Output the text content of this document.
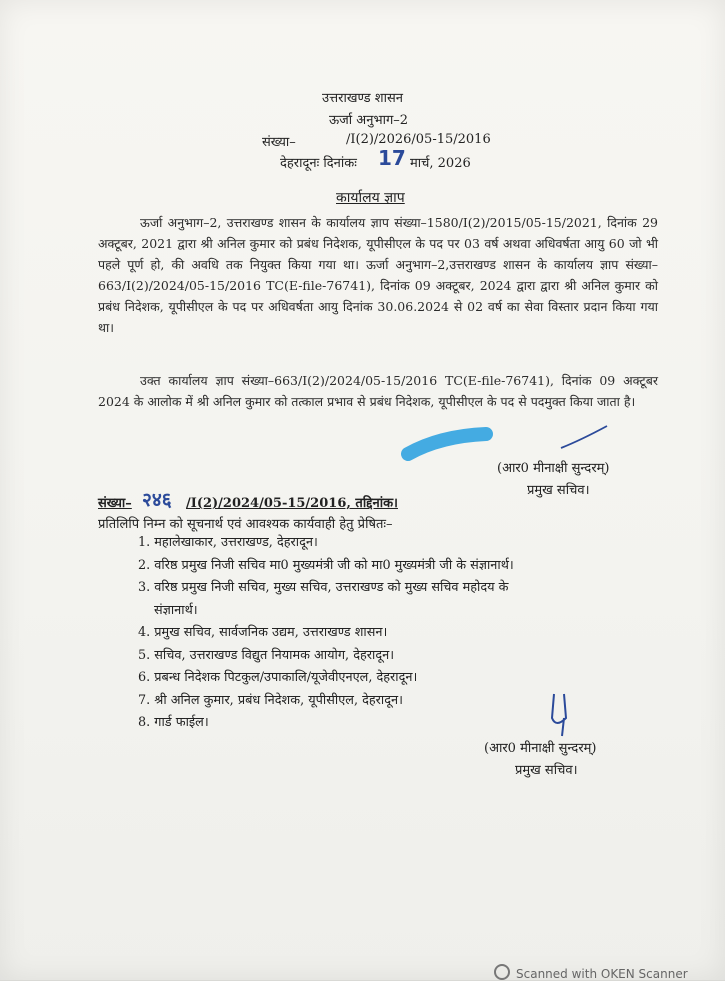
उत्तराखण्ड शासन
ऊर्जा अनुभाग–2
संख्या–	/I(2)/2026/05-15/2016
देहरादूनः दिनांकः 17 मार्च, 2026
कार्यालय ज्ञाप
ऊर्जा अनुभाग–2, उत्तराखण्ड शासन के कार्यालय ज्ञाप संख्या–1580/I(2)/2015/05-15/2021, दिनांक 29 अक्टूबर, 2021 द्वारा श्री अनिल कुमार को प्रबंध निदेशक, यूपीसीएल के पद पर 03 वर्ष अथवा अधिवर्षता आयु 60 जो भी पहले पूर्ण हो, की अवधि तक नियुक्त किया गया था। ऊर्जा अनुभाग–2,उत्तराखण्ड शासन के कार्यालय ज्ञाप संख्या–663/I(2)/2024/05-15/2016 TC(E-file-76741), दिनांक 09 अक्टूबर, 2024 द्वारा द्वारा श्री अनिल कुमार को प्रबंध निदेशक, यूपीसीएल के पद पर अधिवर्षता आयु दिनांक 30.06.2024 से 02 वर्ष का सेवा विस्तार प्रदान किया गया था।
उक्त कार्यालय ज्ञाप संख्या–663/I(2)/2024/05-15/2016 TC(E-file-76741), दिनांक 09 अक्टूबर 2024 के आलोक में श्री अनिल कुमार को तत्काल प्रभाव से प्रबंध निदेशक, यूपीसीएल के पद से पदमुक्त किया जाता है।
(आर0 मीनाक्षी सुन्दरम्)
प्रमुख सचिव।
संख्या– २४६ /I(2)/2024/05-15/2016, तद्दिनांक।
प्रतिलिपि निम्न को सूचनार्थ एवं आवश्यक कार्यवाही हेतु प्रेषितः–
1. महालेखाकार, उत्तराखण्ड, देहरादून।
2. वरिष्ठ प्रमुख निजी सचिव मा0 मुख्यमंत्री जी को मा0 मुख्यमंत्री जी के संज्ञानार्थ।
3. वरिष्ठ प्रमुख निजी सचिव, मुख्य सचिव, उत्तराखण्ड को मुख्य सचिव महोदय के
संज्ञानार्थ।
4. प्रमुख सचिव, सार्वजनिक उद्यम, उत्तराखण्ड शासन।
5. सचिव, उत्तराखण्ड विद्युत नियामक आयोग, देहरादून।
6. प्रबन्ध निदेशक पिटकुल/उपाकालि/यूजेवीएनएल, देहरादून।
7. श्री अनिल कुमार, प्रबंध निदेशक, यूपीसीएल, देहरादून।
8. गार्ड फाईल।
(आर0 मीनाक्षी सुन्दरम्)
प्रमुख सचिव।
Scanned with OKEN Scanner
